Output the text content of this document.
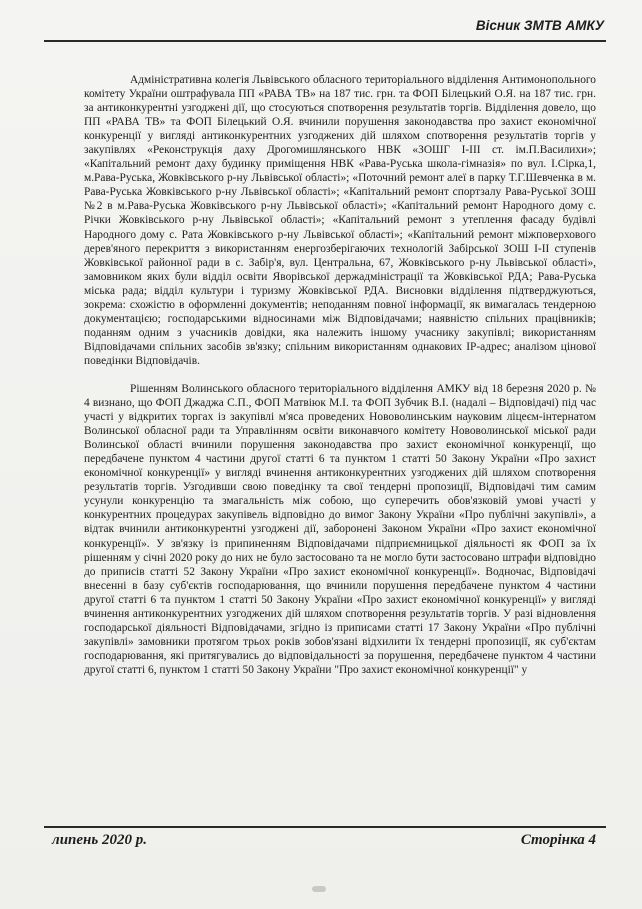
Вісник ЗМТВ АМКУ

Адміністративна колегія Львівського обласного територіального відділення Антимонопольного комітету України оштрафувала ПП «РАВА ТВ» на 187 тис. грн. та ФОП Білецький О.Я. на 187 тис. грн. за антиконкурентні узгоджені дії, що стосуються спотворення результатів торгів. Відділення довело, що ПП «РАВА ТВ» та ФОП Білецький О.Я. вчинили порушення законодавства про захист економічної конкуренції у вигляді антиконкурентних узгоджених дій шляхом спотворення результатів торгів у закупівлях «Реконструкція даху Дрогомишлянського НВК «ЗОШГ І-ІІІ ст. ім.П.Василихи»; «Капітальний ремонт даху будинку приміщення НВК «Рава-Руська школа-гімназія» по вул. І.Сірка,1, м.Рава-Руська, Жовківського р-ну Львівської області»; «Поточний ремонт алеї в парку Т.Г.Шевченка в м. Рава-Руська Жовківського р-ну Львівської області»; «Капітальний ремонт спортзалу Рава-Руської ЗОШ №2 в м.Рава-Руська Жовківського р-ну Львівської області»; «Капітальний ремонт Народного дому с. Річки Жовківського р-ну Львівської області»; «Капітальний ремонт з утеплення фасаду будівлі Народного дому с. Рата Жовківського р-ну Львівської області»; «Капітальний ремонт міжповерхового дерев'яного перекриття з використанням енергозберігаючих технологій Забірської ЗОШ І-ІІ ступенів Жовківської районної ради в с. Забір'я, вул. Центральна, 67, Жовківського р-ну Львівської області», замовником яких були відділ освіти Яворівської держадміністрації та Жовківської РДА; Рава-Руська міська рада; відділ культури і туризму Жовківської РДА. Висновки відділення підтверджуються, зокрема: схожістю в оформленні документів; неподанням повної інформації, як вимагалась тендерною документацією; господарськими відносинами між Відповідачами; наявністю спільних працівників; поданням одним з учасників довідки, яка належить іншому учаснику закупівлі; використанням Відповідачами спільних засобів зв'язку; спільним використанням однакових IP-адрес; аналізом цінової поведінки Відповідачів.

Рішенням Волинського обласного територіального відділення АМКУ від 18 березня 2020 р. № 4 визнано, що ФОП Джаджа С.П., ФОП Матвіюк М.І. та ФОП Зубчик В.І. (надалі – Відповідачі) під час участі у відкритих торгах із закупівлі м'яса проведених Нововолинським науковим ліцеєм-інтернатом Волинської обласної ради та Управлінням освіти виконавчого комітету Нововолинської міської ради Волинської області вчинили порушення законодавства про захист економічної конкуренції, що передбачене пунктом 4 частини другої статті 6 та пунктом 1 статті 50 Закону України «Про захист економічної конкуренції» у вигляді вчинення антиконкурентних узгоджених дій шляхом спотворення результатів торгів. Узгодивши свою поведінку та свої тендерні пропозиції, Відповідачі тим самим усунули конкуренцію та змагальність між собою, що суперечить обов'язковій умові участі у конкурентних процедурах закупівель відповідно до вимог Закону України «Про публічні закупівлі», а відтак вчинили антиконкурентні узгоджені дії, заборонені Законом України «Про захист економічної конкуренції». У зв'язку із припиненням Відповідачами підприємницької діяльності як ФОП за їх рішенням у січні 2020 року до них не було застосовано та не могло бути застосовано штрафи відповідно до приписів статті 52 Закону України «Про захист економічної конкуренції». Водночас, Відповідачі внесенні в базу суб'єктів господарювання, що вчинили порушення передбачене пунктом 4 частини другої статті 6 та пунктом 1 статті 50 Закону України «Про захист економічної конкуренції» у вигляді вчинення антиконкурентних узгоджених дій шляхом спотворення результатів торгів. У разі відновлення господарської діяльності Відповідачами, згідно із приписами статті 17 Закону України «Про публічні закупівлі» замовники протягом трьох років зобов'язані відхилити їх тендерні пропозиції, як суб'єктам господарювання, які притягувались до відповідальності за порушення, передбачене пунктом 4 частини другої статті 6, пунктом 1 статті 50 Закону України "Про захист економічної конкуренції" у

липень 2020 р.	Сторінка 4
